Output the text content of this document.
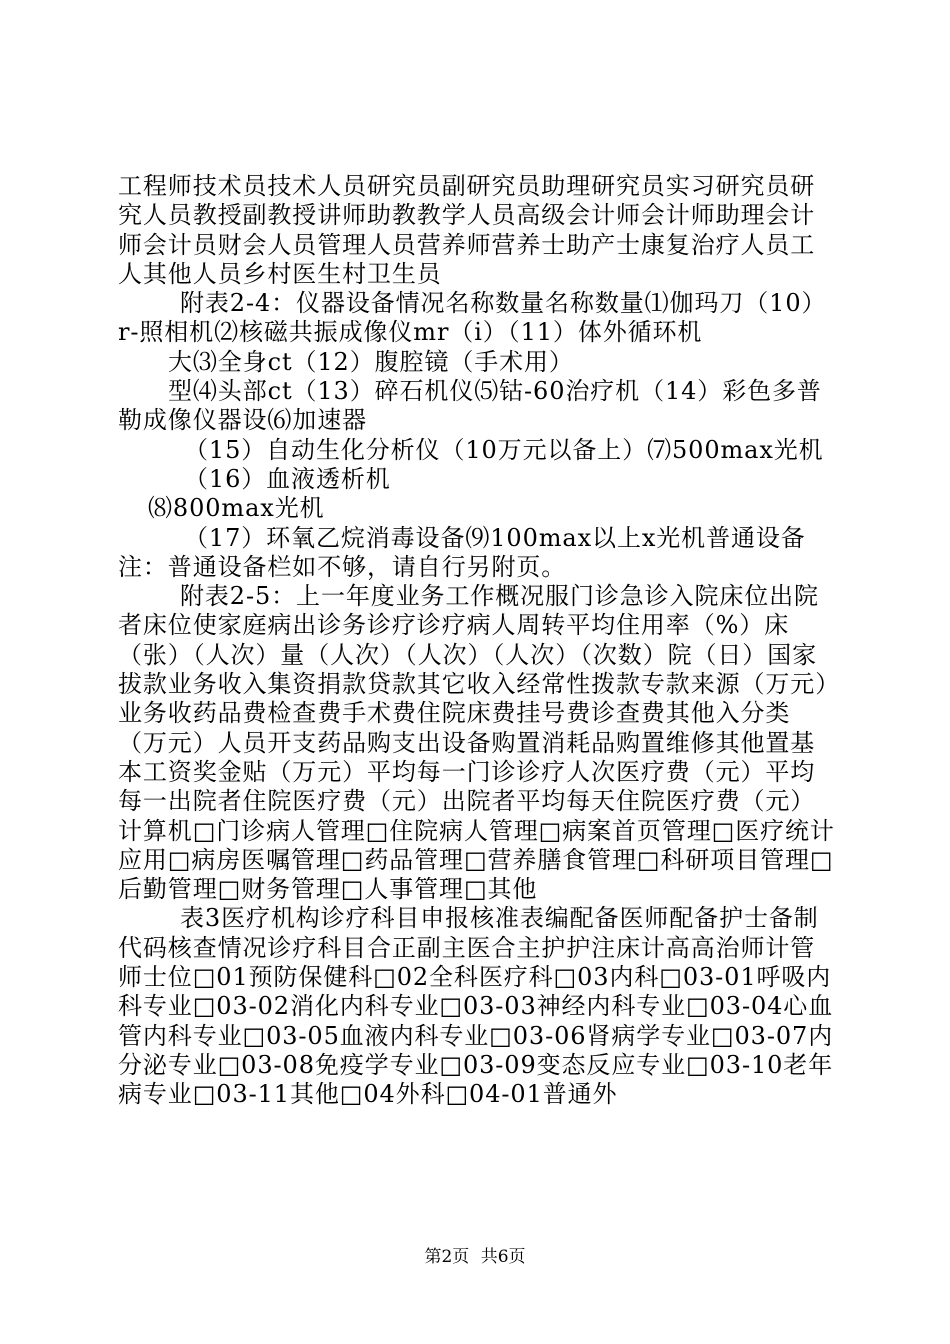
工程师技术员技术人员研究员副研究员助理研究员实习研究员研究人员教授副教授讲师助教教学人员高级会计师会计师助理会计师会计员财会人员管理人员营养师营养士助产士康复治疗人员工人其他人员乡村医生村卫生员

附表2-4：仪器设备情况名称数量名称数量⑴伽玛刀（10）r-照相机⑵核磁共振成像仪mr（i）（11）体外循环机

大⑶全身ct（12）腹腔镜（手术用）

型⑷头部ct（13）碎石机仪⑸钴-60治疗机（14）彩色多普勒成像仪器设⑹加速器

（15）自动生化分析仪（10万元以备上）⑺500max光机

（16）血液透析机

⑻800max光机

（17）环氧乙烷消毒设备⑼100max以上x光机普通设备注：普通设备栏如不够，请自行另附页。

附表2-5：上一年度业务工作概况服门诊急诊入院床位出院者床位使家庭病出诊务诊疗诊疗病人周转平均住用率（%）床（张）（人次）量（人次）（人次）（人次）（次数）院（日）国家拔款业务收入集资捐款贷款其它收入经常性拨款专款来源（万元）业务收药品费检查费手术费住院床费挂号费诊查费其他入分类（万元）人员开支药品购支出设备购置消耗品购置维修其他置基本工资奖金贴（万元）平均每一门诊诊疗人次医疗费（元）平均每一出院者住院医疗费（元）出院者平均每天住院医疗费（元）计算机□门诊病人管理□住院病人管理□病案首页管理□医疗统计应用□病房医嘱管理□药品管理□营养膳食管理□科研项目管理□后勤管理□财务管理□人事管理□其他

表3医疗机构诊疗科目申报核准表编配备医师配备护士备制代码核查情况诊疗科目合正副主医合主护护注床计高高治师计管师士位□01预防保健科□02全科医疗科□03内科□03-01呼吸内科专业□03-02消化内科专业□03-03神经内科专业□03-04心血管内科专业□03-05血液内科专业□03-06肾病学专业□03-07内分泌专业□03-08免疫学专业□03-09变态反应专业□03-10老年病专业□03-11其他□04外科□04-01普通外

第2页 共6页
